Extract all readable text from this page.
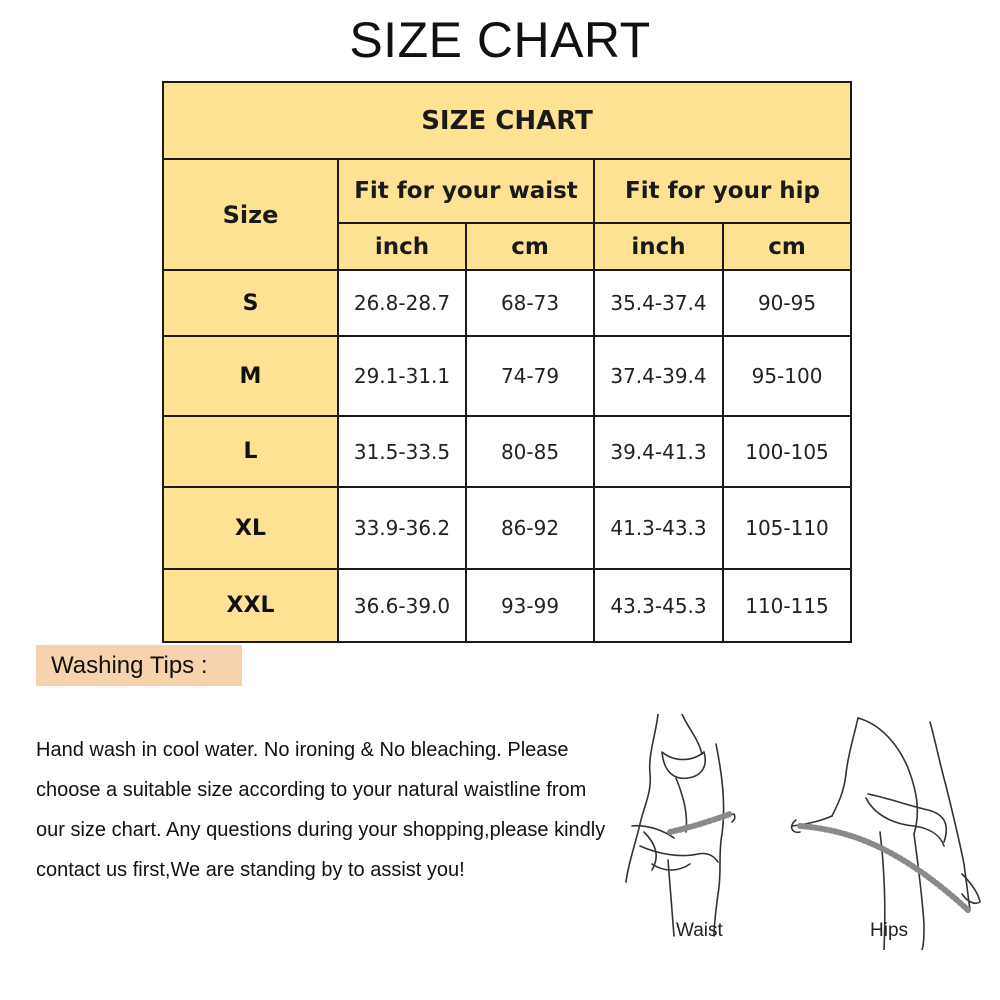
SIZE CHART
SIZE CHART				
Size	Fit for your waist		Fit for your hip	
	inch	cm	inch	cm
S	26.8-28.7	68-73	35.4-37.4	90-95
M	29.1-31.1	74-79	37.4-39.4	95-100
L	31.5-33.5	80-85	39.4-41.3	100-105
XL	33.9-36.2	86-92	41.3-43.3	105-110
XXL	36.6-39.0	93-99	43.3-45.3	110-115
Washing Tips :
Hand wash in cool water. No ironing & No bleaching. Please choose a suitable size according to your natural waistline from our size chart. Any questions during your shopping,please kindly contact us first,We are standing by to assist you!
Waist	Hips
